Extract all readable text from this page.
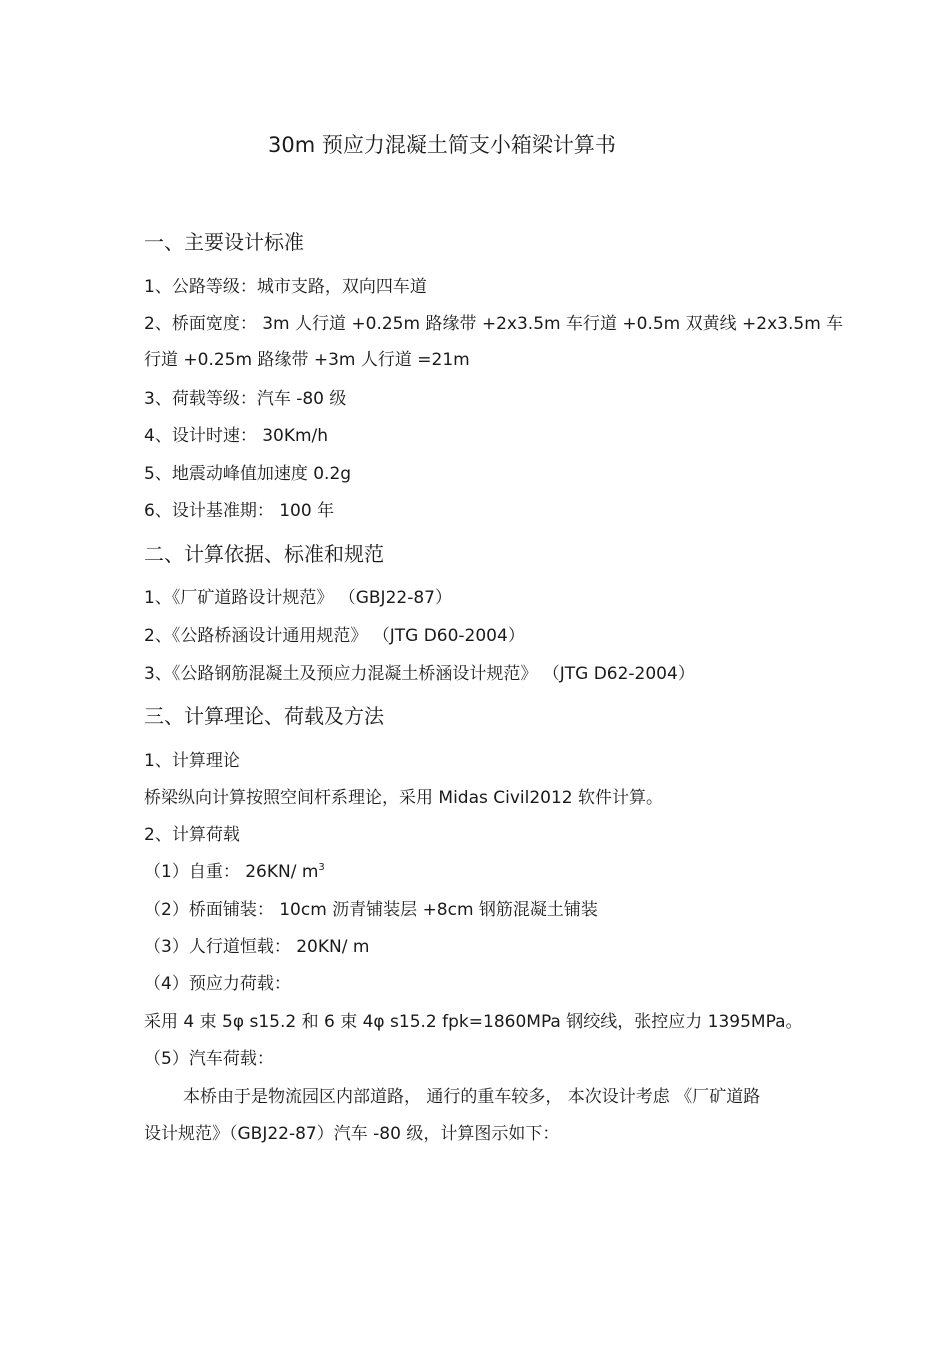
30m 预应力混凝土简支小箱梁计算书
一、主要设计标准
1、公路等级：城市支路，双向四车道
2、桥面宽度： 3m 人行道 +0.25m 路缘带 +2x3.5m 车行道 +0.5m 双黄线 +2x3.5m 车
行道 +0.25m 路缘带 +3m 人行道 =21m
3、荷载等级：汽车 -80 级
4、设计时速： 30Km/h
5、地震动峰值加速度 0.2g
6、设计基准期： 100 年
二、计算依据、标准和规范
1、《厂矿道路设计规范》 （GBJ22-87）
2、《公路桥涵设计通用规范》 （JTG D60-2004）
3、《公路钢筋混凝土及预应力混凝土桥涵设计规范》 （JTG D62-2004）
三、计算理论、荷载及方法
1、计算理论
桥梁纵向计算按照空间杆系理论，采用 Midas Civil2012 软件计算。
2、计算荷载
（1）自重： 26KN/ $m^3$
（2）桥面铺装： 10cm 沥青铺装层 +8cm 钢筋混凝土铺装
（3）人行道恒载： 20KN/ m
（4）预应力荷载：
采用 4 束 5φ s15.2 和 6 束 4φ s15.2 fpk=1860MPa 钢绞线，张控应力 1395MPa。
（5）汽车荷载：
本桥由于是物流园区内部道路， 通行的重车较多， 本次设计考虑 《厂矿道路
设计规范》（GBJ22-87）汽车 -80 级，计算图示如下：
